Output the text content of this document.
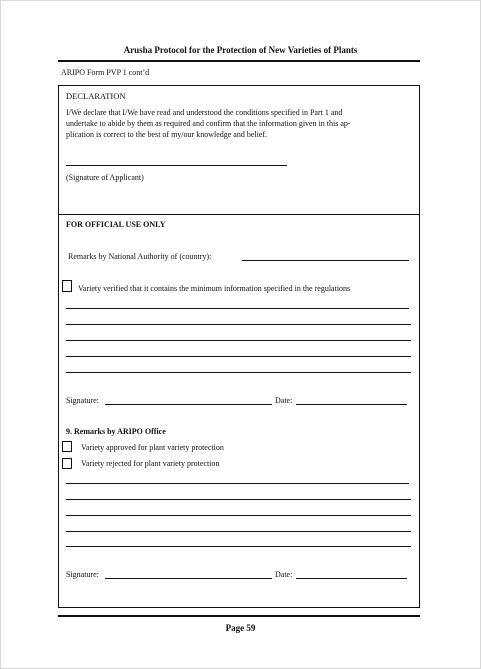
Arusha Protocol for the Protection of New Varieties of Plants
ARIPO Form PVP 1 cont’d
DECLARATION
I/We declare that I/We have read and understood the conditions specified in Part 1 and
undertake to abide by them as required and confirm that the information given in this ap-
plication is correct to the best of my/our knowledge and belief.
(Signature of Applicant)
FOR OFFICIAL USE ONLY
Remarks by National Authority of (country):
Variety verified that it contains the minimum information specified in the regulations
Signature:	Date:
9. Remarks by ARIPO Office
Variety approved for plant variety protection
Variety rejected for plant variety protection
Signature:	Date:
Page 59
